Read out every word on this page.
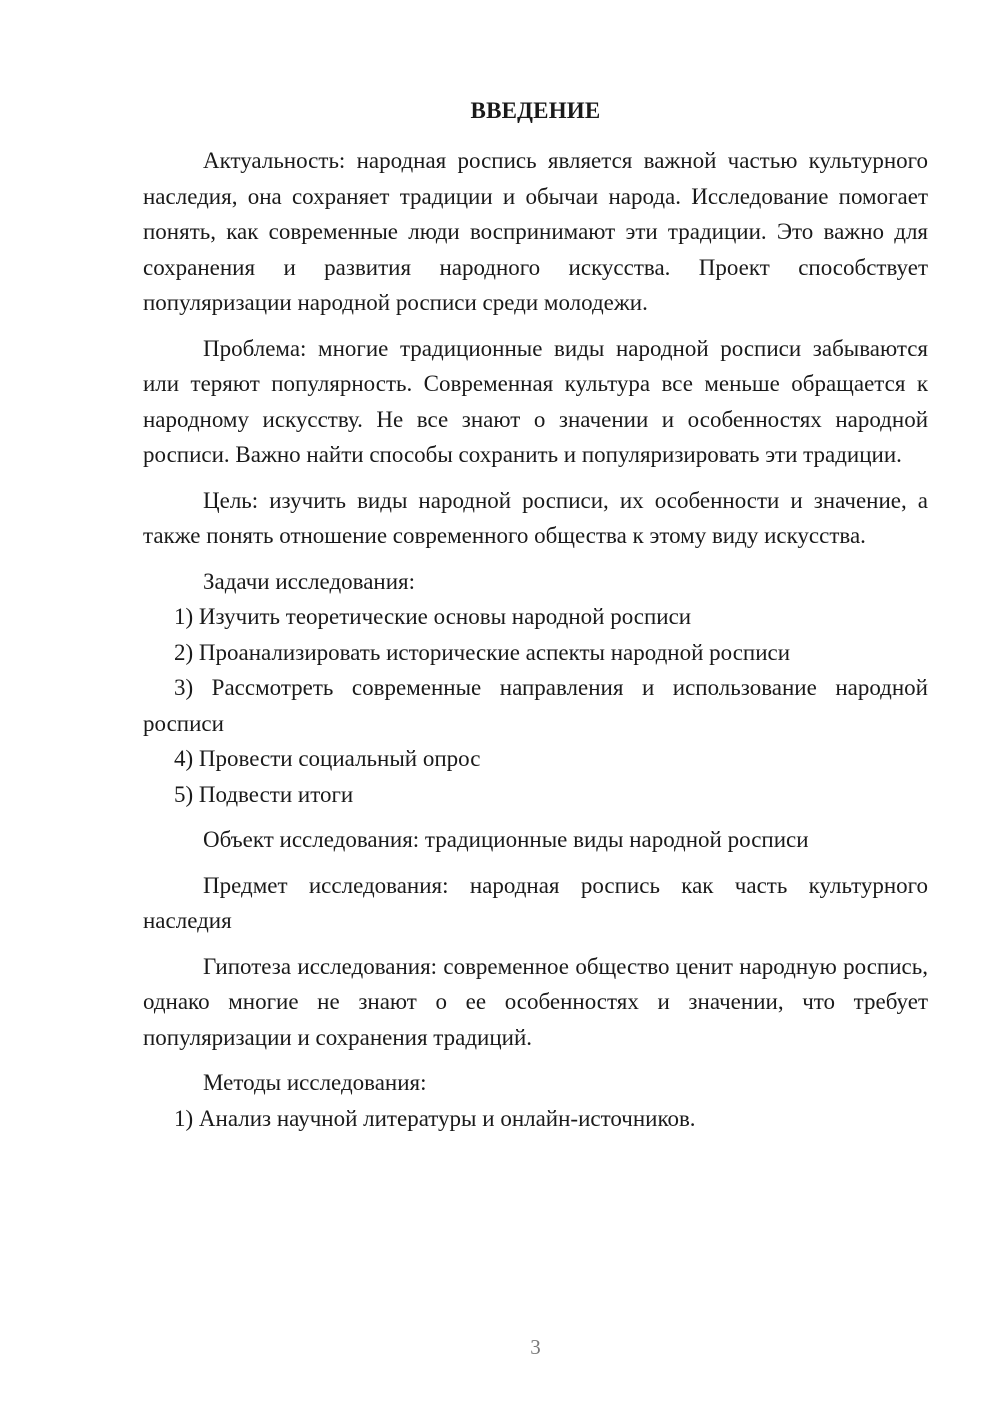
ВВЕДЕНИЕ

Актуальность: народная роспись является важной частью культурного наследия, она сохраняет традиции и обычаи народа. Исследование помогает понять, как современные люди воспринимают эти традиции. Это важно для сохранения и развития народного искусства. Проект способствует популяризации народной росписи среди молодежи.

Проблема: многие традиционные виды народной росписи забываются или теряют популярность. Современная культура все меньше обращается к народному искусству. Не все знают о значении и особенностях народной росписи. Важно найти способы сохранить и популяризировать эти традиции.

Цель: изучить виды народной росписи, их особенности и значение, а также понять отношение современного общества к этому виду искусства.

Задачи исследования:

1) Изучить теоретические основы народной росписи

2) Проанализировать исторические аспекты народной росписи

3) Рассмотреть современные направления и использование народной росписи

4) Провести социальный опрос

5) Подвести итоги

Объект исследования: традиционные виды народной росписи

Предмет исследования: народная роспись как часть культурного наследия

Гипотеза исследования: современное общество ценит народную роспись, однако многие не знают о ее особенностях и значении, что требует популяризации и сохранения традиций.

Методы исследования:

1) Анализ научной литературы и онлайн-источников.

3
